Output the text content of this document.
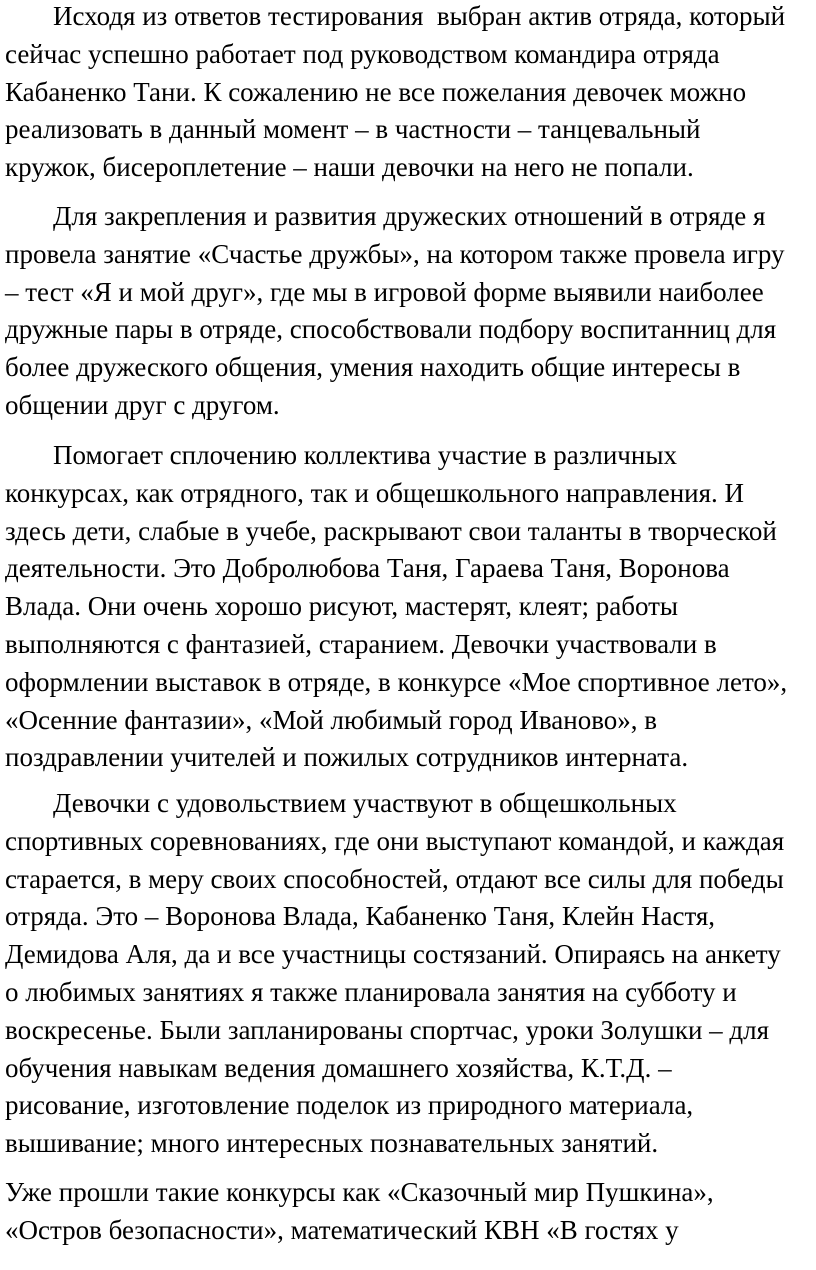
Исходя из ответов тестирования  выбран актив отряда, который
сейчас успешно работает под руководством командира отряда
Кабаненко Тани. К сожалению не все пожелания девочек можно
реализовать в данный момент – в частности – танцевальный
кружок, бисероплетение – наши девочки на него не попали.

Для закрепления и развития дружеских отношений в отряде я
провела занятие «Счастье дружбы», на котором также провела игру
– тест «Я и мой друг», где мы в игровой форме выявили наиболее
дружные пары в отряде, способствовали подбору воспитанниц для
более дружеского общения, умения находить общие интересы в
общении друг с другом.

Помогает сплочению коллектива участие в различных
конкурсах, как отрядного, так и общешкольного направления. И
здесь дети, слабые в учебе, раскрывают свои таланты в творческой
деятельности. Это Добролюбова Таня, Гараева Таня, Воронова
Влада. Они очень хорошо рисуют, мастерят, клеят; работы
выполняются с фантазией, старанием. Девочки участвовали в
оформлении выставок в отряде, в конкурсе «Мое спортивное лето»,
«Осенние фантазии», «Мой любимый город Иваново», в
поздравлении учителей и пожилых сотрудников интерната.

Девочки с удовольствием участвуют в общешкольных
спортивных соревнованиях, где они выступают командой, и каждая
старается, в меру своих способностей, отдают все силы для победы
отряда. Это – Воронова Влада, Кабаненко Таня, Клейн Настя,
Демидова Аля, да и все участницы состязаний. Опираясь на анкету
о любимых занятиях я также планировала занятия на субботу и
воскресенье. Были запланированы спортчас, уроки Золушки – для
обучения навыкам ведения домашнего хозяйства, К.Т.Д. –
рисование, изготовление поделок из природного материала,
вышивание; много интересных познавательных занятий.

Уже прошли такие конкурсы как «Сказочный мир Пушкина»,
«Остров безопасности», математический КВН «В гостях у
